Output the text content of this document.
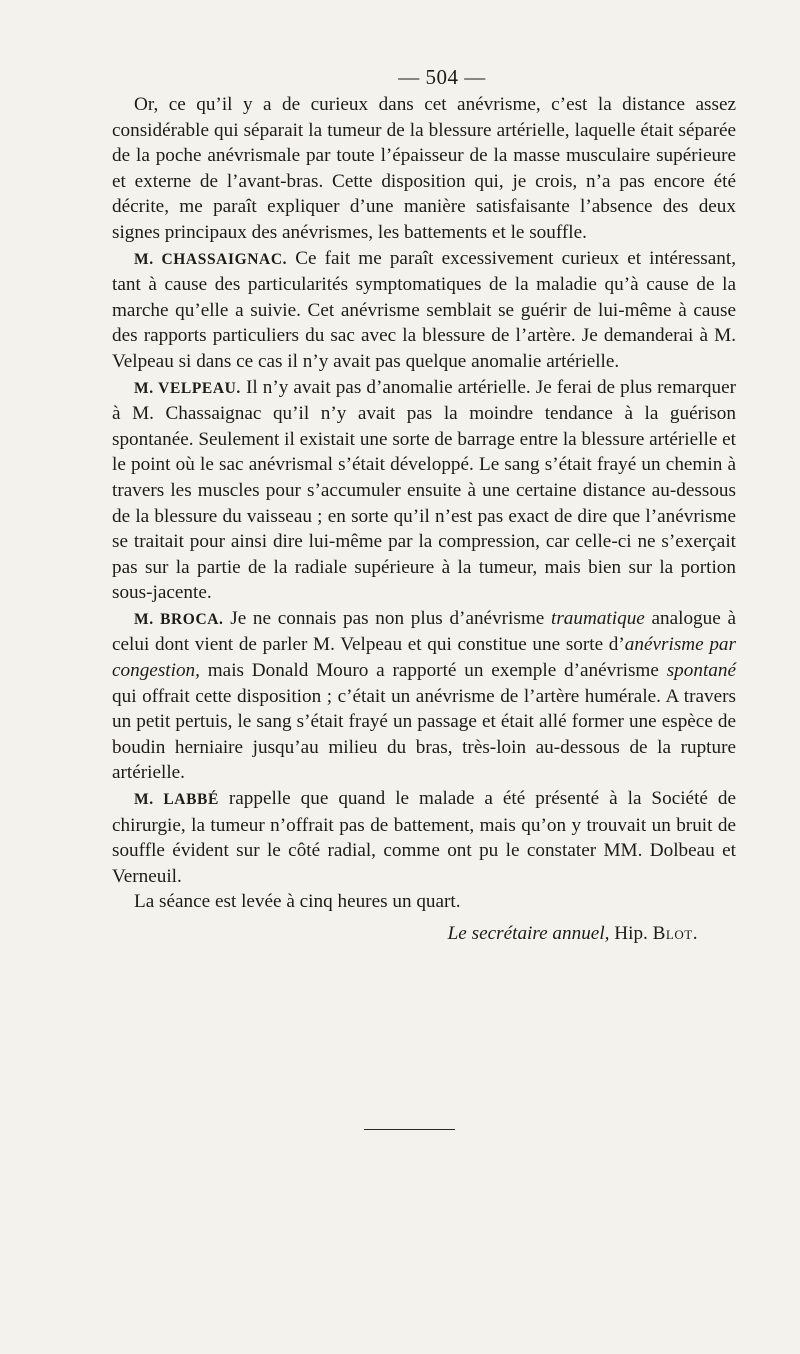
— 504 —

Or, ce qu’il y a de curieux dans cet anévrisme, c’est la distance assez considérable qui séparait la tumeur de la blessure artérielle, laquelle était séparée de la poche anévrismale par toute l’épaisseur de la masse musculaire supérieure et externe de l’avant-bras. Cette disposition qui, je crois, n’a pas encore été décrite, me paraît expliquer d’une manière satisfaisante l’absence des deux signes principaux des anévrismes, les battements et le souffle.

M. CHASSAIGNAC. Ce fait me paraît excessivement curieux et intéressant, tant à cause des particularités symptomatiques de la maladie qu’à cause de la marche qu’elle a suivie. Cet anévrisme semblait se guérir de lui-même à cause des rapports particuliers du sac avec la blessure de l’artère. Je demanderai à M. Velpeau si dans ce cas il n’y avait pas quelque anomalie artérielle.

M. VELPEAU. Il n’y avait pas d’anomalie artérielle. Je ferai de plus remarquer à M. Chassaignac qu’il n’y avait pas la moindre tendance à la guérison spontanée. Seulement il existait une sorte de barrage entre la blessure artérielle et le point où le sac anévrismal s’était développé. Le sang s’était frayé un chemin à travers les muscles pour s’accumuler ensuite à une certaine distance au-dessous de la blessure du vaisseau ; en sorte qu’il n’est pas exact de dire que l’anévrisme se traitait pour ainsi dire lui-même par la compression, car celle-ci ne s’exerçait pas sur la partie de la radiale supérieure à la tumeur, mais bien sur la portion sous-jacente.

M. BROCA. Je ne connais pas non plus d’anévrisme traumatique analogue à celui dont vient de parler M. Velpeau et qui constitue une sorte d’anévrisme par congestion, mais Donald Mouro a rapporté un exemple d’anévrisme spontané qui offrait cette disposition ; c’était un anévrisme de l’artère humérale. A travers un petit pertuis, le sang s’était frayé un passage et était allé former une espèce de boudin herniaire jusqu’au milieu du bras, très-loin au-dessous de la rupture artérielle.

M. LABBÉ rappelle que quand le malade a été présenté à la Société de chirurgie, la tumeur n’offrait pas de battement, mais qu’on y trouvait un bruit de souffle évident sur le côté radial, comme ont pu le constater MM. Dolbeau et Verneuil.

La séance est levée à cinq heures un quart.

Le secrétaire annuel, Hip. Blot.
